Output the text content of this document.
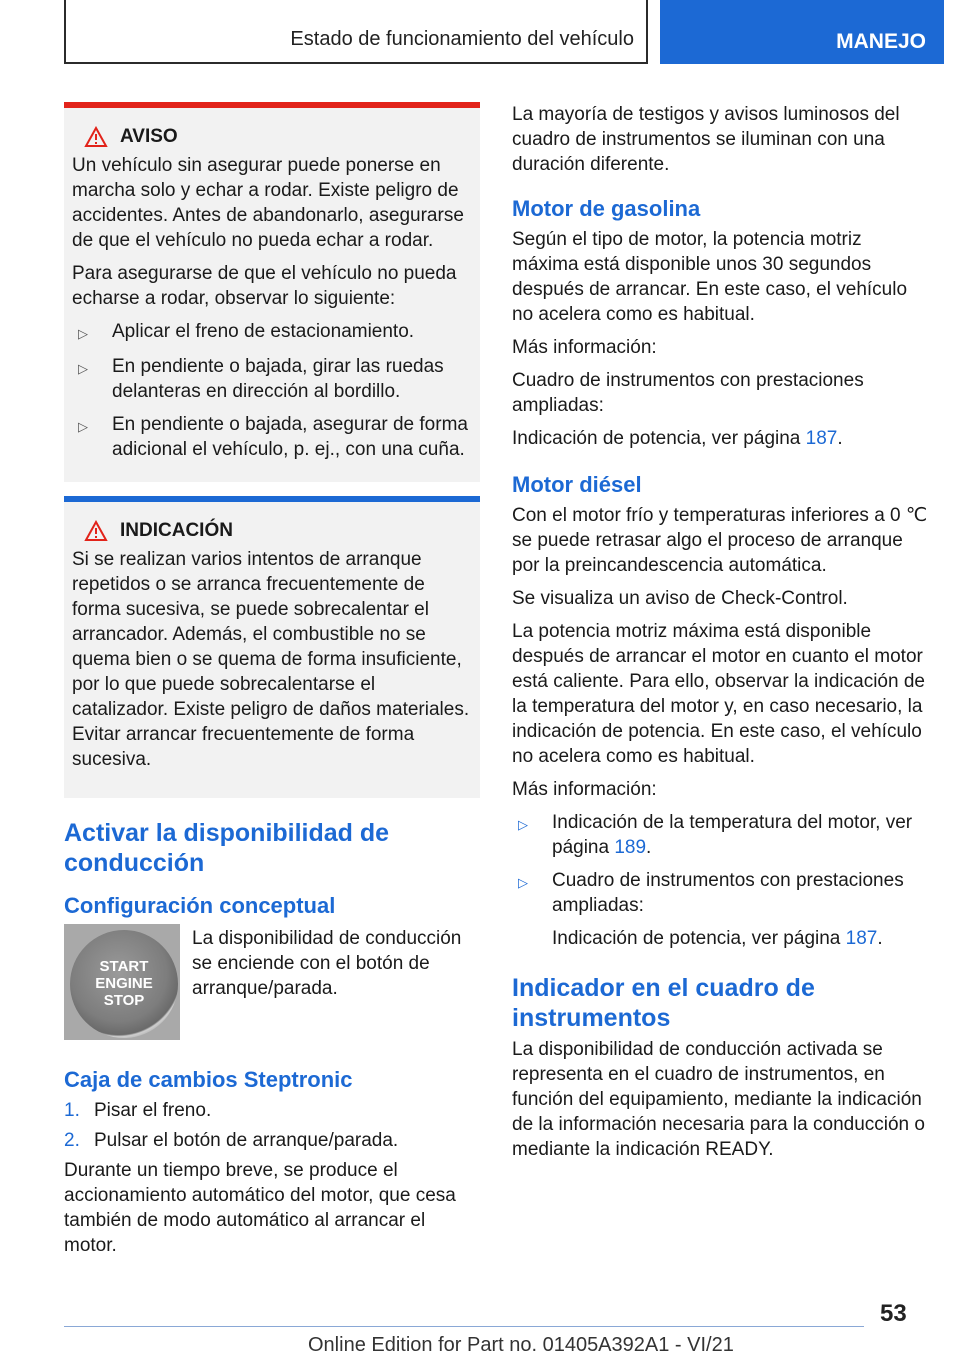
Estado de funcionamiento del vehículo	MANEJO
AVISO

Un vehículo sin asegurar puede ponerse en marcha solo y echar a rodar. Existe peligro de accidentes. Antes de abandonarlo, asegurarse de que el vehículo no pueda echar a rodar.

Para asegurarse de que el vehículo no pueda echarse a rodar, observar lo siguiente:

▷	Aplicar el freno de estacionamiento.
▷	En pendiente o bajada, girar las ruedas delanteras en dirección al bordillo.
▷	En pendiente o bajada, asegurar de forma adicional el vehículo, p. ej., con una cuña.
INDICACIÓN

Si se realizan varios intentos de arranque repetidos o se arranca frecuentemente de forma sucesiva, se puede sobrecalentar el arrancador. Además, el combustible no se quema bien o se quema de forma insuficiente, por lo que puede sobrecalentarse el catalizador. Existe peligro de daños materiales. Evitar arrancar frecuentemente de forma sucesiva.

Activar la disponibilidad de conducción
Configuración conceptual
START ENGINE STOP
La disponibilidad de conducción se enciende con el botón de arranque/parada.
Caja de cambios Steptronic
1. Pisar el freno.
2. Pulsar el botón de arranque/parada.

Durante un tiempo breve, se produce el accionamiento automático del motor, que cesa también de modo automático al arrancar el motor.

La mayoría de testigos y avisos luminosos del cuadro de instrumentos se iluminan con una duración diferente.

Motor de gasolina

Según el tipo de motor, la potencia motriz máxima está disponible unos 30 segundos después de arrancar. En este caso, el vehículo no acelera como es habitual.

Más información:

Cuadro de instrumentos con prestaciones ampliadas:

Indicación de potencia, ver página 187.

Motor diésel

Con el motor frío y temperaturas inferiores a 0 ℃ se puede retrasar algo el proceso de arranque por la preincandescencia automática.

Se visualiza un aviso de Check-Control.

La potencia motriz máxima está disponible después de arrancar el motor en cuanto el motor está caliente. Para ello, observar la indicación de la temperatura del motor y, en caso necesario, la indicación de potencia. En este caso, el vehículo no acelera como es habitual.

Más información:

▷	Indicación de la temperatura del motor, ver página 189.
▷	Cuadro de instrumentos con prestaciones ampliadas:
Indicación de potencia, ver página 187.
Indicador en el cuadro de instrumentos

La disponibilidad de conducción activada se representa en el cuadro de instrumentos, en función del equipamiento, mediante la indicación de la información necesaria para la conducción o mediante la indicación READY.

53
Online Edition for Part no. 01405A392A1 - VI/21
